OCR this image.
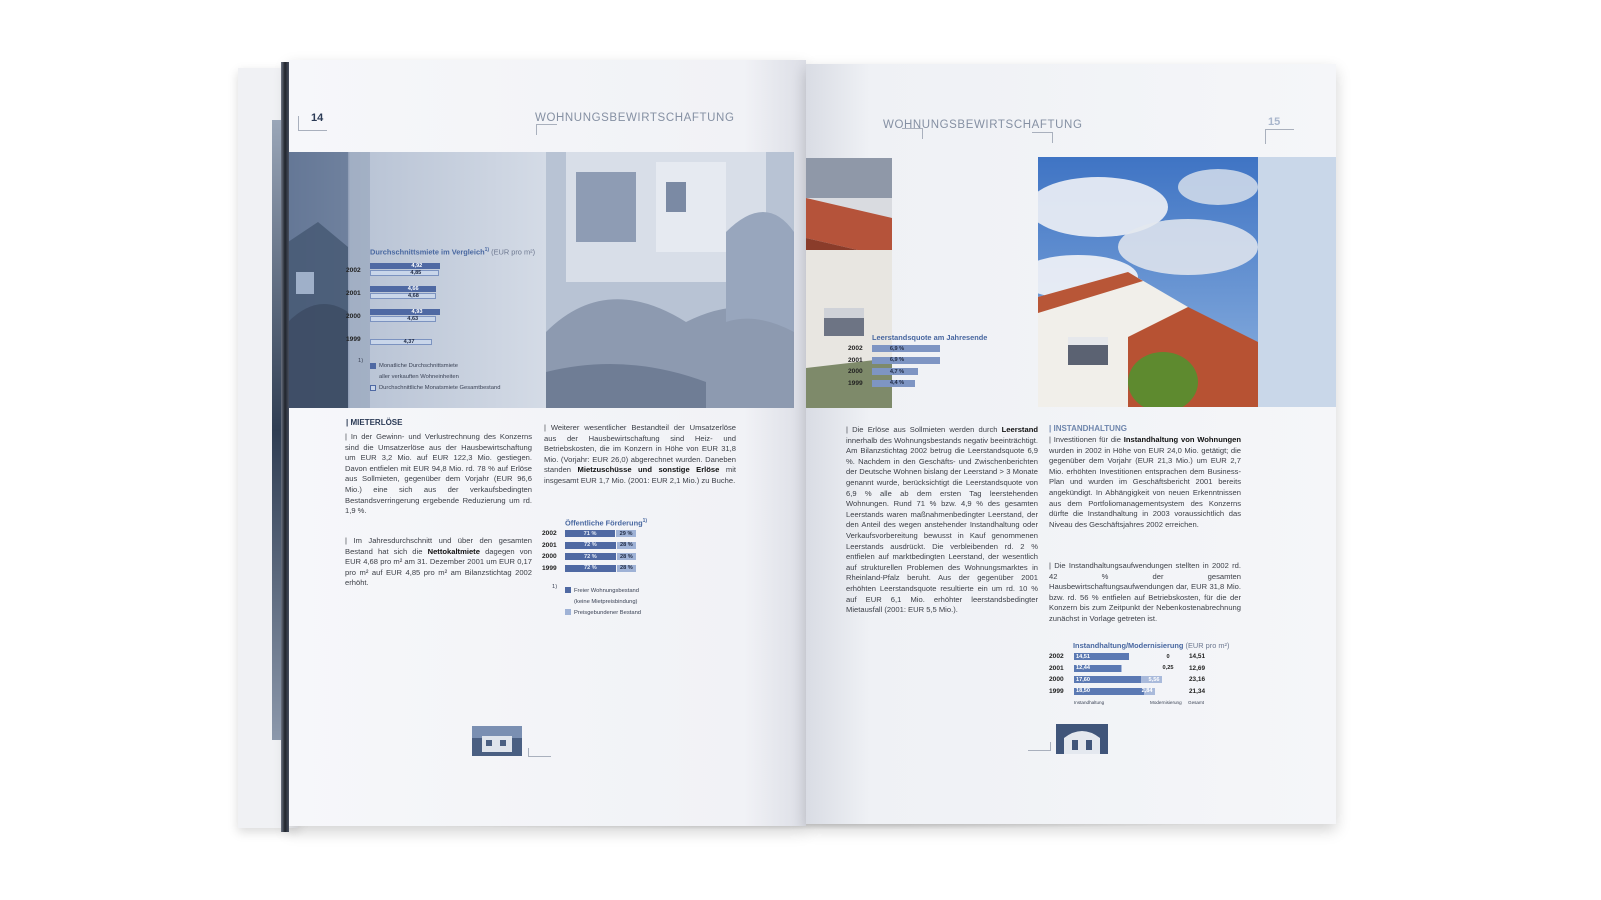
14	WOHNUNGSBEWIRTSCHAFTUNG
Durchschnittsmiete im Vergleich$^{1)}$ (EUR pro m²)
2002
4,92
4,85
2001
4,66
4,68
2000
4,93
4,63
1999	4,37
1)
Monatliche Durchschnittsmiete
aller verkauften Wohneinheiten
Durchschnittliche Monatsmiete Gesamtbestand
| MIETERLÖSE

| In der Gewinn- und Verlustrechnung des Konzerns sind die Umsatzerlöse aus der Hausbewirtschaftung um EUR 3,2 Mio. auf EUR 122,3 Mio. gestiegen. Davon entfielen mit EUR 94,8 Mio. rd. 78 % auf Erlöse aus Sollmieten, gegenüber dem Vorjahr (EUR 96,6 Mio.) eine sich aus der verkaufsbedingten Bestandsverringerung ergebende Reduzierung um rd. 1,9 %.

| Im Jahresdurchschnitt und über den gesamten Bestand hat sich die Nettokaltmiete dagegen von EUR 4,68 pro m² am 31. Dezember 2001 um EUR 0,17 pro m² auf EUR 4,85 pro m² am Bilanzstichtag 2002 erhöht.

| Weiterer wesentlicher Bestandteil der Umsatzerlöse aus der Hausbewirtschaftung sind Heiz- und Betriebskosten, die im Konzern in Höhe von EUR 31,8 Mio. (Vorjahr: EUR 26,0) abgerechnet wurden. Daneben standen Mietzuschüsse und sonstige Erlöse mit insgesamt EUR 1,7 Mio. (2001: EUR 2,1 Mio.) zu Buche.

Öffentliche Förderung$^{1)}$
2002	71 %	29 %
2001	72 %	28 %
2000	72 %	28 %
1999	72 %	28 %
1)
Freier Wohnungsbestand
(keine Mietpreisbindung)
Preisgebundener Bestand
WOHNUNGSBEWIRTSCHAFTUNG	15
Leerstandsquote am Jahresende
2002	6,9 %
2001	6,9 %
2000	4,7 %
1999	4,4 %

| Die Erlöse aus Sollmieten werden durch Leerstand innerhalb des Wohnungsbestands negativ beeinträchtigt. Am Bilanzstichtag 2002 betrug die Leerstandsquote 6,9 %. Nachdem in den Geschäfts- und Zwischenberichten der Deutsche Wohnen bislang der Leerstand > 3 Monate genannt wurde, berücksichtigt die Leerstandsquote von 6,9 % alle ab dem ersten Tag leerstehenden Wohnungen. Rund 71 % bzw. 4,9 % des gesamten Leerstands waren maßnahmenbedingter Leerstand, der den Anteil des wegen anstehender Instandhaltung oder Verkaufsvorbereitung bewusst in Kauf genommenen Leerstands ausdrückt. Die verbleibenden rd. 2 % entfielen auf marktbedingten Leerstand, der wesentlich auf strukturellen Problemen des Wohnungsmarktes in Rheinland-Pfalz beruht. Aus der gegenüber 2001 erhöhten Leerstandsquote resultierte ein um rd. 10 % auf EUR 6,1 Mio. erhöhter leerstandsbedingter Mietausfall (2001: EUR 5,5 Mio.).

| INSTANDHALTUNG

| Investitionen für die Instandhaltung von Wohnungen wurden in 2002 in Höhe von EUR 24,0 Mio. getätigt; die gegenüber dem Vorjahr (EUR 21,3 Mio.) um EUR 2,7 Mio. erhöhten Investitionen entsprachen dem Business-Plan und wurden im Geschäftsbericht 2001 bereits angekündigt. In Abhängigkeit von neuen Erkenntnissen aus dem Portfoliomanagementsystem des Konzerns dürfte die Instandhaltung in 2003 voraussichtlich das Niveau des Geschäftsjahres 2002 erreichen.

| Die Instandhaltungsaufwendungen stellten in 2002 rd. 42 % der gesamten Hausbewirtschaftungsaufwendungen dar, EUR 31,8 Mio. bzw. rd. 56 % entfielen auf Betriebskosten, für die der Konzern bis zum Zeitpunkt der Nebenkostenabrechnung zunächst in Vorlage getreten ist.

Instandhaltung/Modernisierung (EUR pro m²)
2002 14,51	0	14,51
2001 12,44	0,25	12,69
2000 17,60	5,56	23,16
1999 18,50	2,84	21,34
Instandhaltung	Modernisierung Gesamt
